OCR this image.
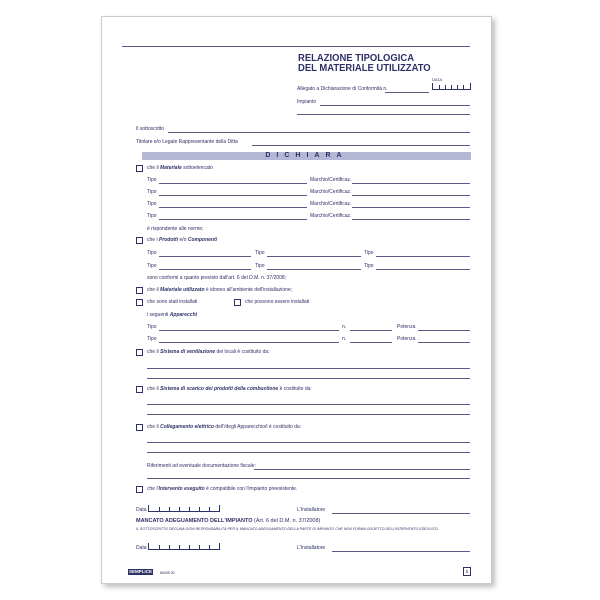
RELAZIONE TIPOLOGICA
DEL MATERIALE UTILIZZATO
DATA
Allegato a Dichiarazione di Conformità n.
Impianto
Il sottoscritto
Titolare e/o Legale Rappresentante della Ditta
DICHIARA
che il Materiale sottoelencato
Tipo	Marchio/Certificaz.
Tipo	Marchio/Certificaz.
Tipo	Marchio/Certificaz.
Tipo	Marchio/Certificaz.
è rispondente alle norme;
che i Prodotti e/o Componenti
Tipo	Tipo	Tipo
Tipo	Tipo	Tipo
sono conformi a quanto previsto dall'art. 6 del D.M. n. 37/2008;
che il Materiale utilizzato è idoneo all'ambiente dell'installazione;
che sono stati installati	che possono essere installati
i seguenti Apparecchi
Tipo	n.	Potenza
Tipo	n.	Potenza
che il Sistema di ventilazione dei locali è costituito da:
che il Sistema di scarico dei prodotti della combustione è costituito da:
che il Collegamento elettrico dell'/degli Apparecchio/i è costituito da:
Riferimenti ad eventuale documentazione fiscale:
che l'Intervento eseguito è compatibile con l'impianto preesistente.
Data	L'Installatore
MANCATO ADEGUAMENTO DELL'IMPIANTO (Art. 6 del D.M. n. 37/2008)
IL SOTTOSCRITTO DECLINA OGNI RESPONSABILITÀ PER IL MANCATO ADEGUAMENTO DELLA PARTE DI IMPIANTO CHE NON FORMA OGGETTO DELL'INTERVENTO ESEGUITO.
Data	L'Installatore
SEMPLICE 86495 00	5
